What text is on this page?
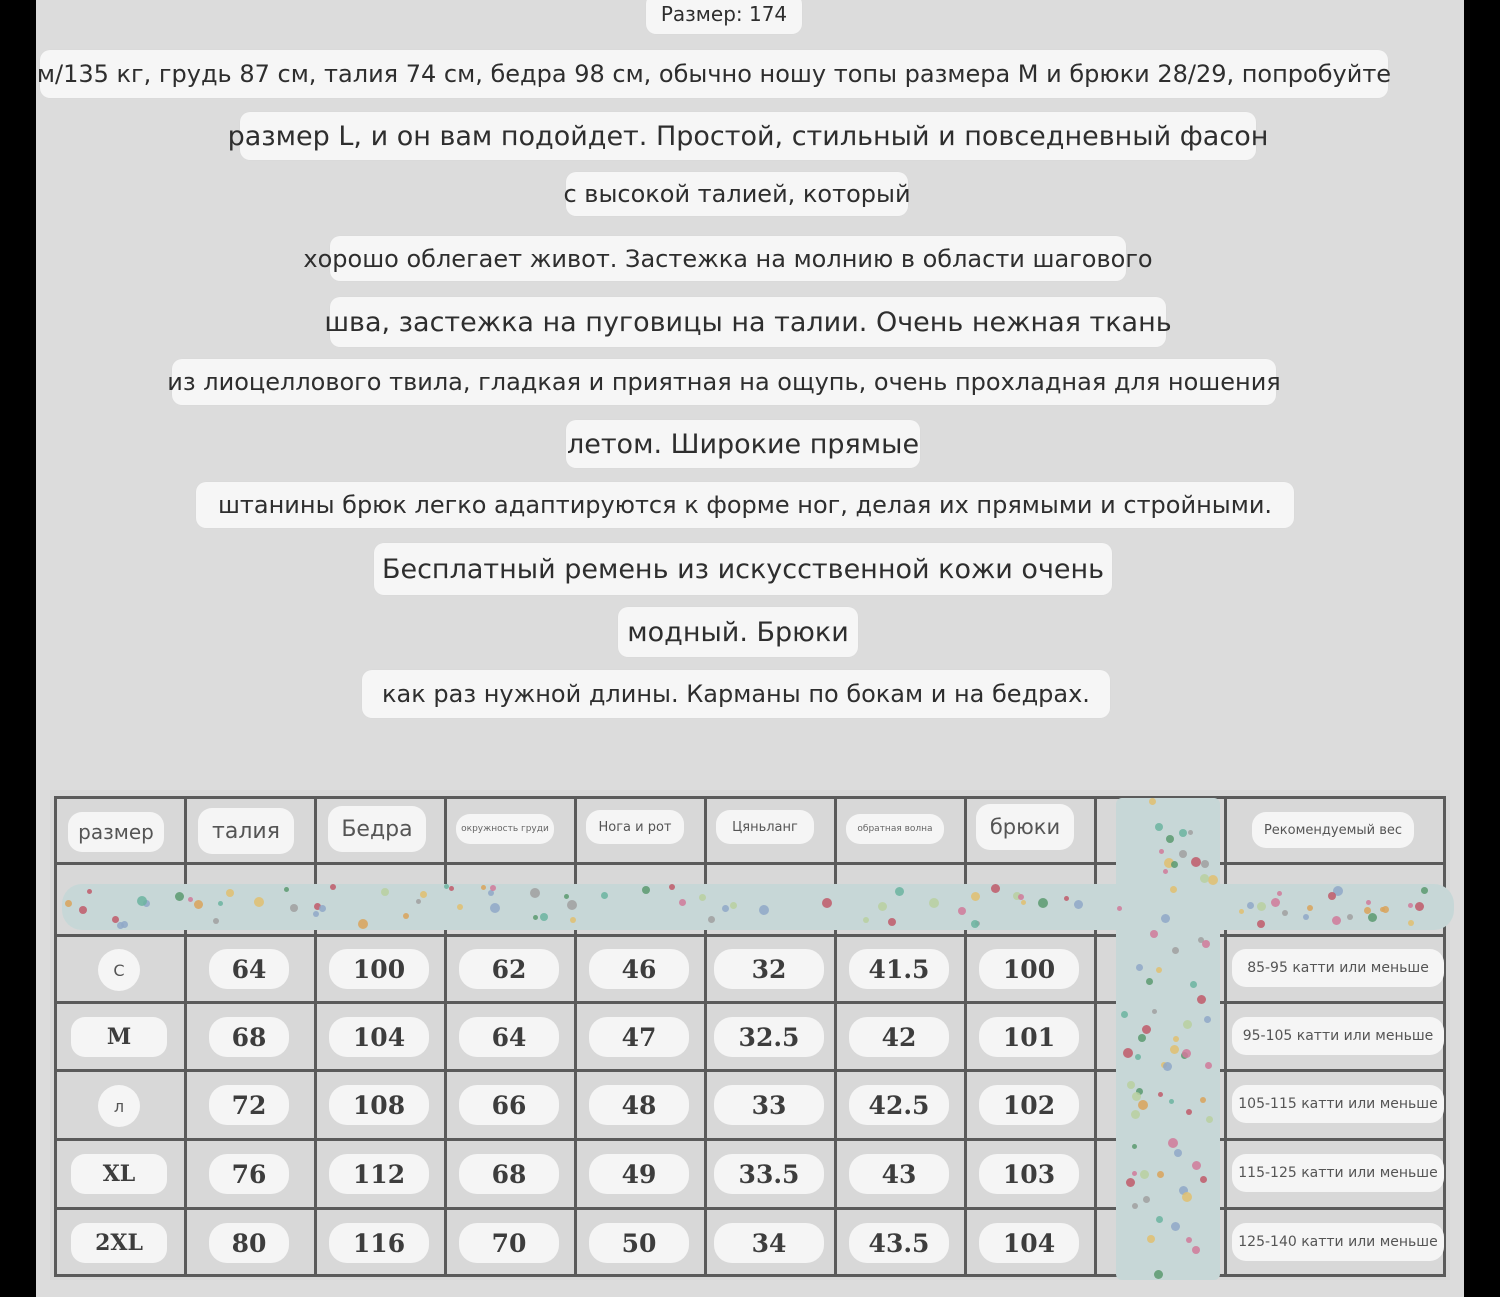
Размер: 174
м/135 кг, грудь 87 см, талия 74 см, бедра 98 см, обычно ношу топы размера M и брюки 28/29, попробуйте
размер L, и он вам подойдет. Простой, стильный и повседневный фасон
с высокой талией, который
хорошо облегает живот. Застежка на молнию в области шагового
шва, застежка на пуговицы на талии. Очень нежная ткань
из лиоцеллового твила, гладкая и приятная на ощупь, очень прохладная для ношения
летом. Широкие прямые
штанины брюк легко адаптируются к форме ног, делая их прямыми и стройными.
Бесплатный ремень из искусственной кожи очень
модный. Брюки
как раз нужной длины. Карманы по бокам и на бедрах.
размер	талия	Бедра	окружность груди	Нога и рот	Цяньланг	обратная волна	брюки	Рекомендуемый вес
С	64	100	62	46	32	41.5	100	85-95 катти или меньше
М	68	104	64	47	32.5	42	101	95-105 катти или меньше
л	72	108	66	48	33	42.5	102	105-115 катти или меньше
XL	76	112	68	49	33.5	43	103	115-125 катти или меньше
2XL	80	116	70	50	34	43.5	104	125-140 катти или меньше
